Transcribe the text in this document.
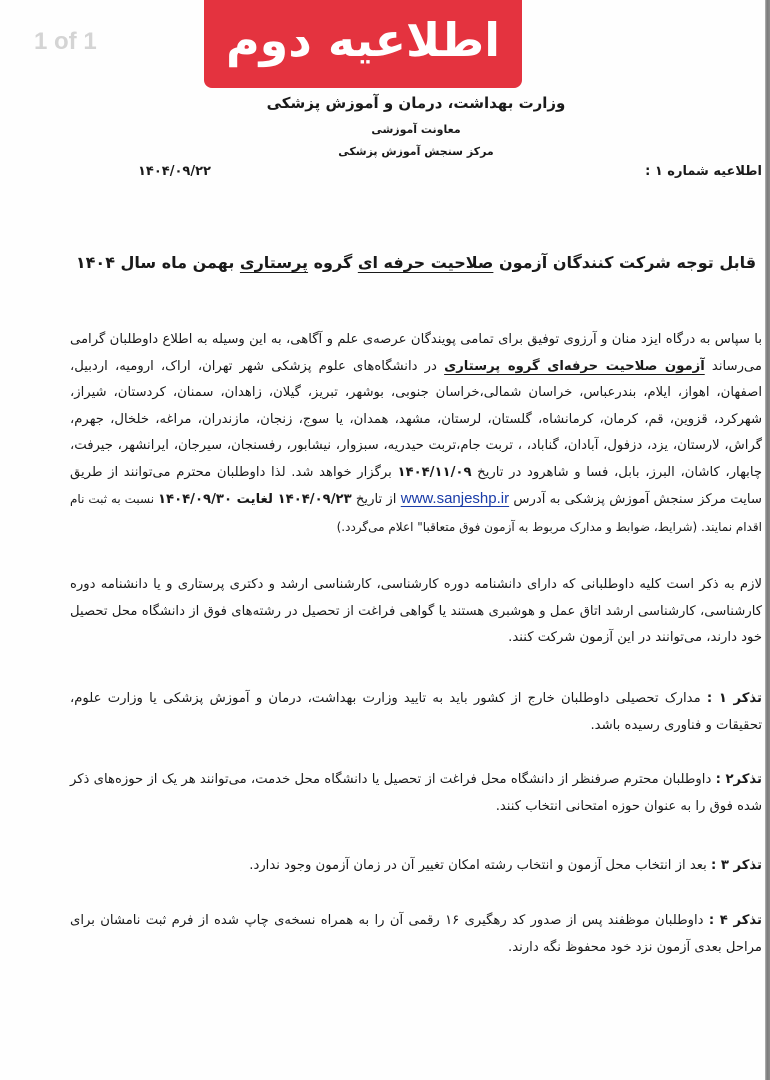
1 of 1	اطلاعیه دوم
وزارت بهداشت، درمان و آموزش پزشکی
معاونت آموزشی
مرکز سنجش آموزش پزشکی
اطلاعیه شماره ۱ :
۱۴۰۴/۰۹/۲۲
قابل توجه شرکت کنندگان آزمون صلاحیت حرفه ای گروه پرستاری بهمن ماه سال ۱۴۰۴
با سپاس به درگاه ایزد منان و آرزوی توفیق برای تمامی پویندگان عرصه‌ی علم و آگاهی، به این وسیله به اطلاع داوطلبان گرامی می‌رساند آزمون صلاحیت حرفه‌ای گروه پرستاری در دانشگاه‌های علوم پزشکی شهر تهران، اراک، ارومیه، اردبیل، اصفهان، اهواز، ایلام، بندرعباس، خراسان شمالی،خراسان جنوبی، بوشهر، تبریز، گیلان، زاهدان، سمنان، کردستان، شیراز، شهرکرد، قزوین، قم، کرمان، کرمانشاه، گلستان، لرستان، مشهد، همدان، یا سوج، زنجان، مازندران، مراغه، خلخال، جهرم، گراش، لارستان، یزد، دزفول، آبادان، گناباد، ، تربت جام،تربت حیدریه، سبزوار، نیشابور، رفسنجان، سیرجان، ایرانشهر، جیرفت، چابهار، کاشان، البرز، بابل، فسا و شاهرود در تاریخ ۱۴۰۴/۱۱/۰۹ برگزار خواهد شد. لذا داوطلبان محترم می‌توانند از طریق سایت مرکز سنجش آموزش پزشکی به آدرس www.sanjeshp.ir از تاریخ ۱۴۰۴/۰۹/۲۳ لغایت ۱۴۰۴/۰۹/۳۰ نسبت به ثبت نام اقدام نمایند. (شرایط، ضوابط و مدارک مربوط به آزمون فوق متعاقبا" اعلام می‌گردد.)
لازم به ذکر است کلیه داوطلبانی که دارای دانشنامه دوره کارشناسی، کارشناسی ارشد و دکتری پرستاری و یا دانشنامه دوره کارشناسی، کارشناسی ارشد اتاق عمل و هوشبری هستند یا گواهی فراغت از تحصیل در رشته‌های فوق از دانشگاه محل تحصیل خود دارند، می‌توانند در این آزمون شرکت کنند.
تذکر ۱ : مدارک تحصیلی داوطلبان خارج از کشور باید به تایید وزارت بهداشت، درمان و آموزش پزشکی یا وزارت علوم، تحقیقات و فناوری رسیده باشد.
تذکر۲ : داوطلبان محترم صرفنظر از دانشگاه محل فراغت از تحصیل یا دانشگاه محل خدمت، می‌توانند هر یک از حوزه‌های ذکر شده فوق را به عنوان حوزه امتحانی انتخاب کنند.
تذکر ۳ : بعد از انتخاب محل آزمون و انتخاب رشته امکان تغییر آن در زمان آزمون وجود ندارد.
تذکر ۴ : داوطلبان موظفند پس از صدور کد رهگیری ۱۶ رقمی آن را به همراه نسخه‌ی چاپ شده از فرم ثبت نامشان برای مراحل بعدی آزمون نزد خود محفوظ نگه دارند.
